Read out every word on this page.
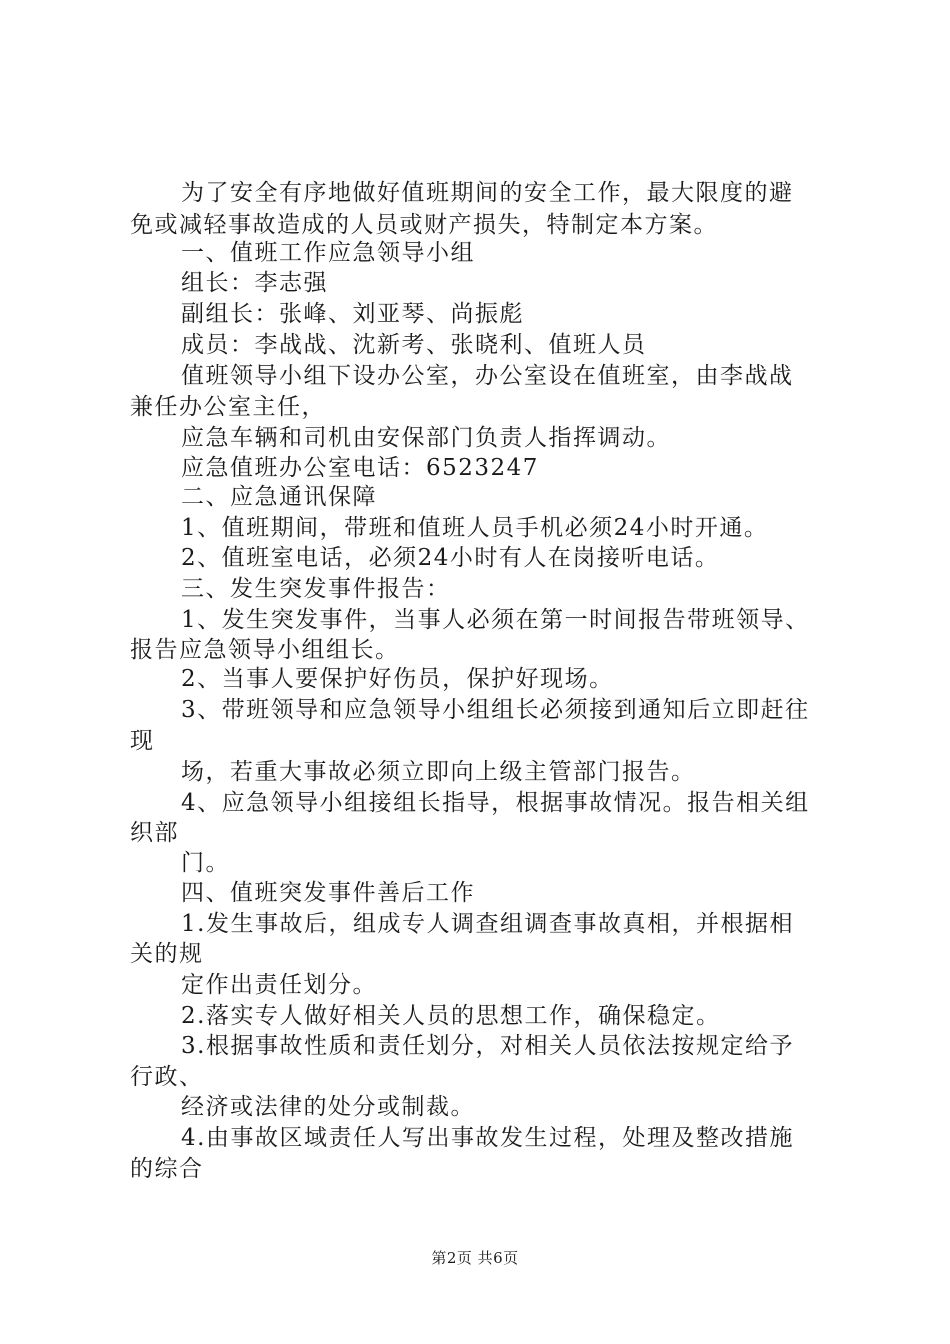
为了安全有序地做好值班期间的安全工作，最大限度的避
免或减轻事故造成的人员或财产损失，特制定本方案。
一、值班工作应急领导小组
组长：李志强
副组长：张峰、刘亚琴、尚振彪
成员：李战战、沈新考、张晓利、值班人员
值班领导小组下设办公室，办公室设在值班室，由李战战
兼任办公室主任，
应急车辆和司机由安保部门负责人指挥调动。
应急值班办公室电话：6523247
二、应急通讯保障
1、值班期间，带班和值班人员手机必须24小时开通。
2、值班室电话，必须24小时有人在岗接听电话。
三、发生突发事件报告：
1、发生突发事件，当事人必须在第一时间报告带班领导、
报告应急领导小组组长。
2、当事人要保护好伤员，保护好现场。
3、带班领导和应急领导小组组长必须接到通知后立即赶往
现
场，若重大事故必须立即向上级主管部门报告。
4、应急领导小组接组长指导，根据事故情况。报告相关组
织部
门。
四、值班突发事件善后工作
1.发生事故后，组成专人调查组调查事故真相，并根据相
关的规
定作出责任划分。
2.落实专人做好相关人员的思想工作，确保稳定。
3.根据事故性质和责任划分，对相关人员依法按规定给予
行政、
经济或法律的处分或制裁。
4.由事故区域责任人写出事故发生过程，处理及整改措施
的综合
第2页 共6页
